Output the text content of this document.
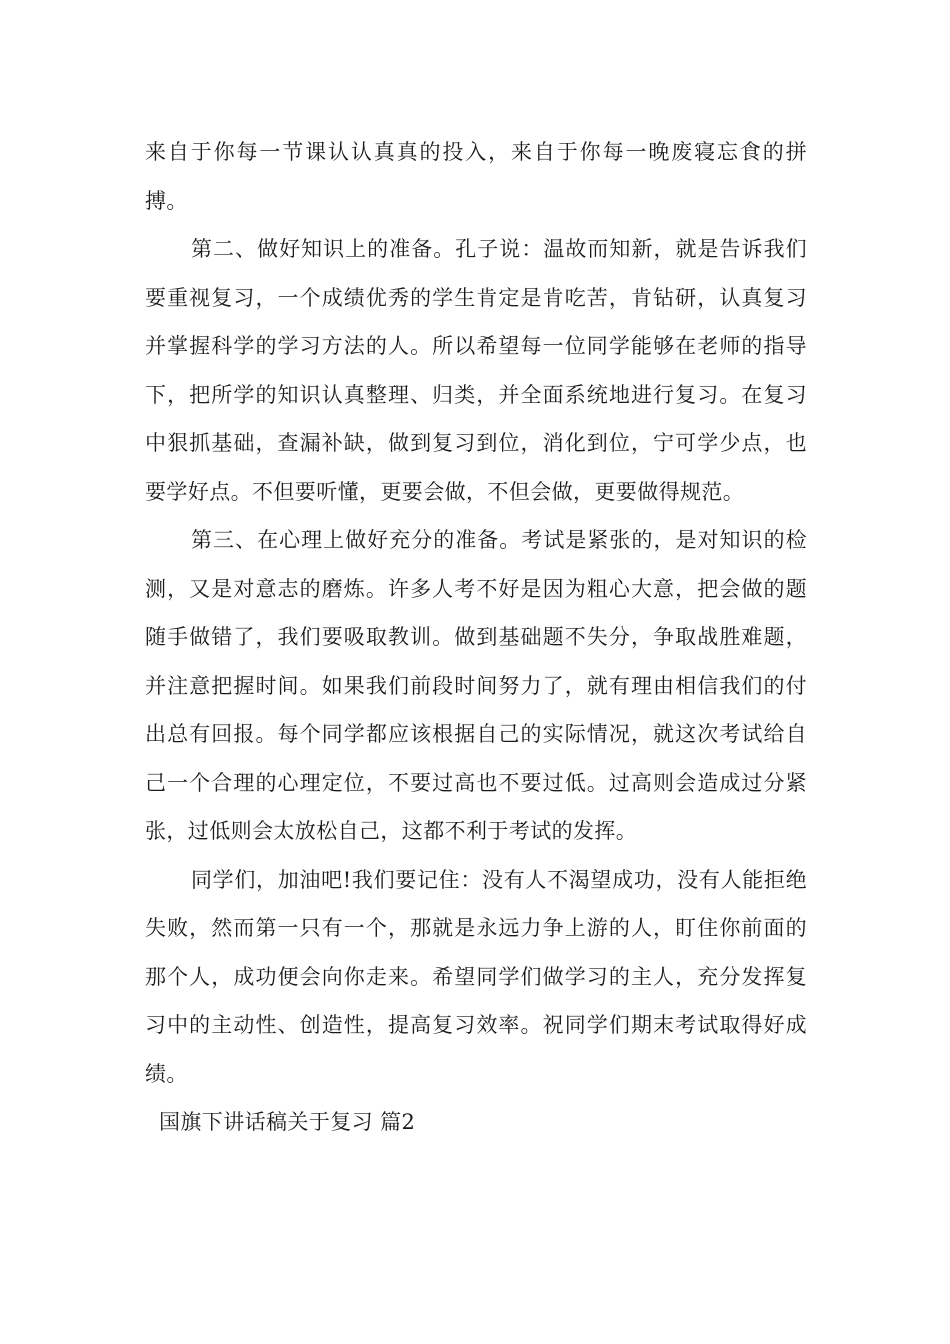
来自于你每一节课认认真真的投入，来自于你每一晚废寝忘食的拼搏。

第二、做好知识上的准备。孔子说：温故而知新，就是告诉我们要重视复习，一个成绩优秀的学生肯定是肯吃苦，肯钻研，认真复习并掌握科学的学习方法的人。所以希望每一位同学能够在老师的指导下，把所学的知识认真整理、归类，并全面系统地进行复习。在复习中狠抓基础，查漏补缺，做到复习到位，消化到位，宁可学少点，也要学好点。不但要听懂，更要会做，不但会做，更要做得规范。

第三、在心理上做好充分的准备。考试是紧张的，是对知识的检测，又是对意志的磨炼。许多人考不好是因为粗心大意，把会做的题随手做错了，我们要吸取教训。做到基础题不失分，争取战胜难题，并注意把握时间。如果我们前段时间努力了，就有理由相信我们的付出总有回报。每个同学都应该根据自己的实际情况，就这次考试给自己一个合理的心理定位，不要过高也不要过低。过高则会造成过分紧张，过低则会太放松自己，这都不利于考试的发挥。

同学们，加油吧!我们要记住：没有人不渴望成功，没有人能拒绝失败，然而第一只有一个，那就是永远力争上游的人，盯住你前面的那个人，成功便会向你走来。希望同学们做学习的主人，充分发挥复习中的主动性、创造性，提高复习效率。祝同学们期末考试取得好成绩。

国旗下讲话稿关于复习 篇2
